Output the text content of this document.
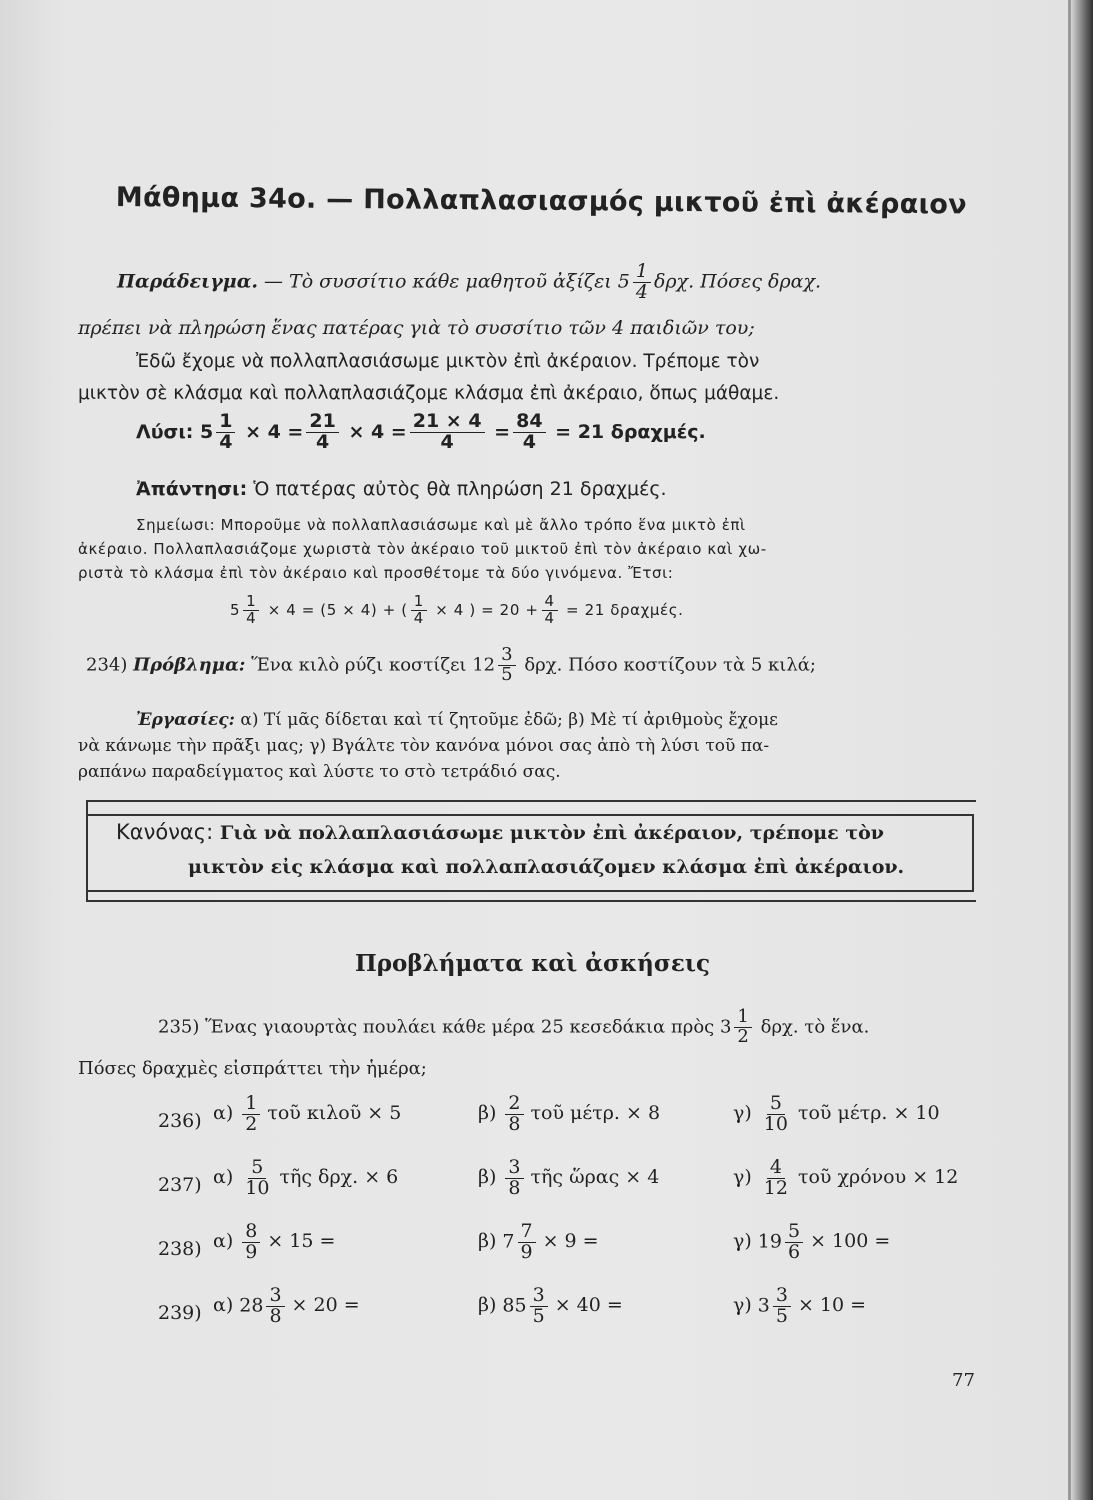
Μάθημα 34ο. — Πολλαπλασιασμός μικτοῦ ἐπὶ ἀκέραιον
Παράδειγμα. — Τὸ συσσίτιο κάθε μαθητοῦ ἀξίζει $5 \frac{1}{4} \delta\rho\chi$. Πόσες δραχ.
πρέπει νὰ πληρώση ἕνας πατέρας γιὰ τὸ συσσίτιο τῶν 4 παιδιῶν του;
Ἐδῶ ἔχομε νὰ πολλαπλασιάσωμε μικτὸν ἐπὶ ἀκέραιον. Τρέπομε τὸν
μικτὸν σὲ κλάσμα καὶ πολλαπλασιάζομε κλάσμα ἐπὶ ἀκέραιο, ὅπως μάθαμε.
Λύσι: $5 \frac{1}{4} \times 4 = \frac{21}{4} \times 4 = \frac{21 \times 4}{4} = \frac{84}{4} = 21$ δραχμές.
Ἀπάντησι: Ὁ πατέρας αὐτὸς θὰ πληρώση 21 δραχμές.
Σημείωσι: Μποροῦμε νὰ πολλαπλασιάσωμε καὶ μὲ ἄλλο τρόπο ἕνα μικτὸ ἐπὶ
ἀκέραιο. Πολλαπλασιάζομε χωριστὰ τὸν ἀκέραιο τοῦ μικτοῦ ἐπὶ τὸν ἀκέραιο καὶ χω-
ριστὰ τὸ κλάσμα ἐπὶ τὸν ἀκέραιο καὶ προσθέτομε τὰ δύο γινόμενα. Ἔτσι:
$5 \frac{1}{4} \times 4 = (5 \times 4)$ + ( $\frac{1}{4} \times 4$ ) = $20 + \frac{4}{4} = 21$ δραχμές.
234) Πρόβλημα: Ἕνα κιλὸ ρύζι κοστίζει $12 \frac{3}{5} \delta\rho\chi$. Πόσο κοστίζουν τὰ 5 κιλά;
Ἐργασίες: α) Τί μᾶς δίδεται καὶ τί ζητοῦμε ἐδῶ; β) Μὲ τί ἀριθμοὺς ἔχομε
νὰ κάνωμε τὴν πρᾶξι μας; γ) Βγάλτε τὸν κανόνα μόνοι σας ἀπὸ τὴ λύσι τοῦ πα-
ραπάνω παραδείγματος καὶ λύστε το στὸ τετράδιό σας.
Κανόνας: Γιὰ νὰ πολλαπλασιάσωμε μικτὸν ἐπὶ ἀκέραιον, τρέπομε τὸν
μικτὸν εἰς κλάσμα καὶ πολλαπλασιάζομεν κλάσμα ἐπὶ ἀκέραιον.
Προβλήματα καὶ ἀσκήσεις
235) Ἕνας γιαουρτὰς πουλάει κάθε μέρα 25 κεσεδάκια πρὸς $3 \frac{1}{2} \delta\rho\chi$. τὸ ἕνα.
Πόσες δραχμὲς εἰσπράττει τὴν ἡμέρα;
236) $\alpha) \frac{1}{2}$ τοῦ κιλοῦ × 5	$\beta) \frac{2}{8}$ τοῦ μέτρ. × 8	$\gamma) \frac{5}{10}$ τοῦ μέτρ. × 10
237) $\alpha) \frac{5}{10}$ τῆς δρχ. × 6	$\beta) \frac{3}{8}$ τῆς ὥρας × 4	$\gamma) \frac{4}{12}$ τοῦ χρόνου × 12
238) $\alpha) \frac{8}{9} \times 15$ =	β) $7 \frac{7}{9} \times 9$ =	γ) $19 \frac{5}{6} \times 100$ =
239) α) $28 \frac{3}{8} \times 20$ =	β) $85 \frac{3}{5} \times 40$ =	γ) $3 \frac{3}{5} \times 10$ =
77
